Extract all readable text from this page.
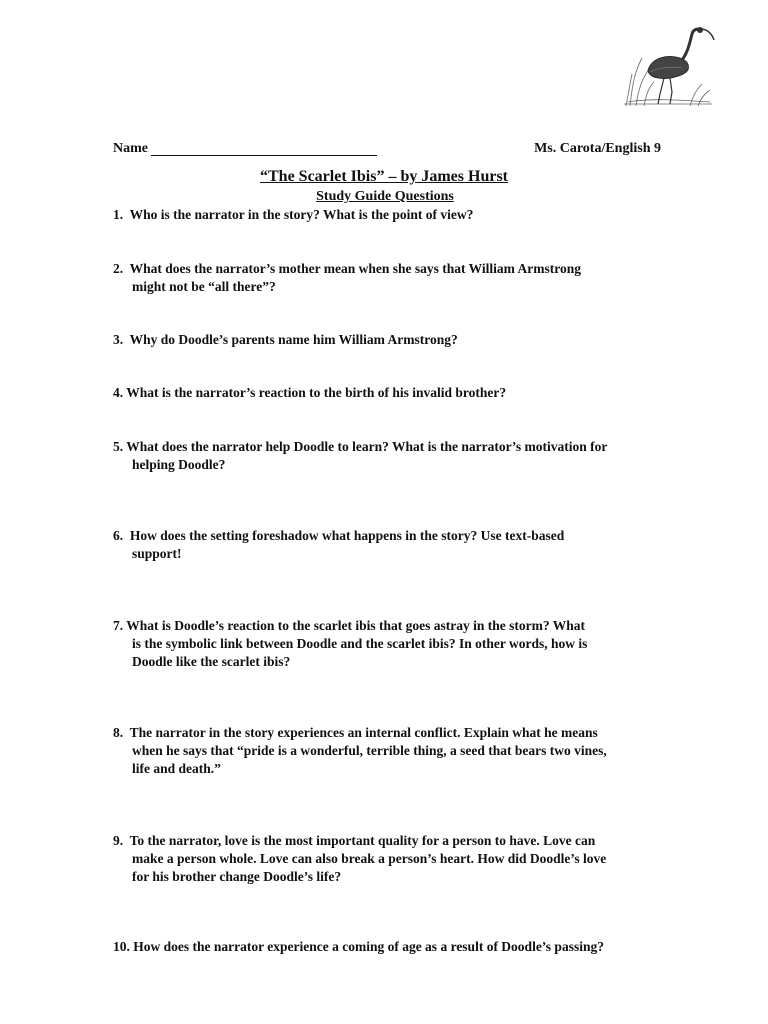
Name	Ms. Carota/English 9
“The Scarlet Ibis” – by James Hurst
Study Guide Questions
1. Who is the narrator in the story? What is the point of view?
2. What does the narrator’s mother mean when she says that William Armstrong
might not be “all there”?
3. Why do Doodle’s parents name him William Armstrong?
4. What is the narrator’s reaction to the birth of his invalid brother?
5. What does the narrator help Doodle to learn? What is the narrator’s motivation for
helping Doodle?
6. How does the setting foreshadow what happens in the story? Use text-based
support!
7. What is Doodle’s reaction to the scarlet ibis that goes astray in the storm? What
is the symbolic link between Doodle and the scarlet ibis? In other words, how is
Doodle like the scarlet ibis?
8. The narrator in the story experiences an internal conflict. Explain what he means
when he says that “pride is a wonderful, terrible thing, a seed that bears two vines,
life and death.”
9. To the narrator, love is the most important quality for a person to have. Love can
make a person whole. Love can also break a person’s heart. How did Doodle’s love
for his brother change Doodle’s life?
10. How does the narrator experience a coming of age as a result of Doodle’s passing?
